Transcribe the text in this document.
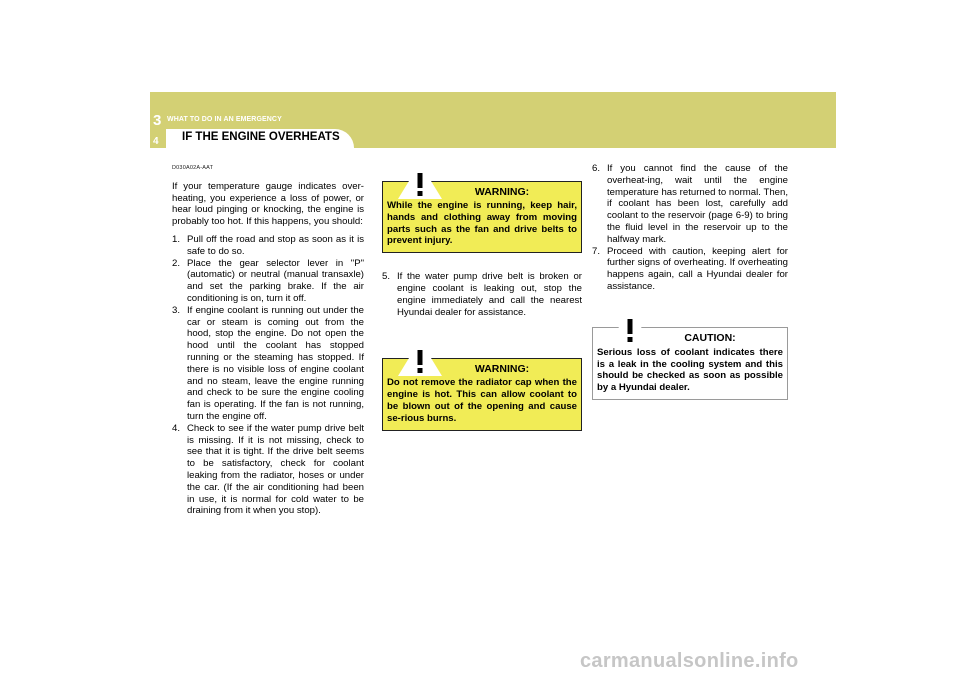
3 WHAT TO DO IN AN EMERGENCY
4 IF THE ENGINE OVERHEATS
D030A02A-AAT
If your temperature gauge indicates over-heating, you experience a loss of power, or hear loud pinging or knocking, the engine is probably too hot. If this happens, you should:
1. Pull off the road and stop as soon as it is safe to do so.
2. Place the gear selector lever in "P" (automatic) or neutral (manual transaxle) and set the parking brake. If the air conditioning is on, turn it off.
3. If engine coolant is running out under the car or steam is coming out from the hood, stop the engine. Do not open the hood until the coolant has stopped running or the steaming has stopped. If there is no visible loss of engine coolant and no steam, leave the engine running and check to be sure the engine cooling fan is operating. If the fan is not running, turn the engine off.
4. Check to see if the water pump drive belt is missing. If it is not missing, check to see that it is tight. If the drive belt seems to be satisfactory, check for coolant leaking from the radiator, hoses or under the car. (If the air conditioning had been in use, it is normal for cold water to be draining from it when you stop).
WARNING:
While the engine is running, keep hair, hands and clothing away from moving parts such as the fan and drive belts to prevent injury.
5. If the water pump drive belt is broken or engine coolant is leaking out, stop the engine immediately and call the nearest Hyundai dealer for assistance.
WARNING:
Do not remove the radiator cap when the engine is hot. This can allow coolant to be blown out of the opening and cause se-rious burns.
6. If you cannot find the cause of the overheat-ing, wait until the engine temperature has returned to normal. Then, if coolant has been lost, carefully add coolant to the reservoir (page 6-9) to bring the fluid level in the reservoir up to the halfway mark.
7. Proceed with caution, keeping alert for further signs of overheating. If overheating happens again, call a Hyundai dealer for assistance.
CAUTION:
Serious loss of coolant indicates there is a leak in the cooling system and this should be checked as soon as possible by a Hyundai dealer.
carmanualsonline.info
